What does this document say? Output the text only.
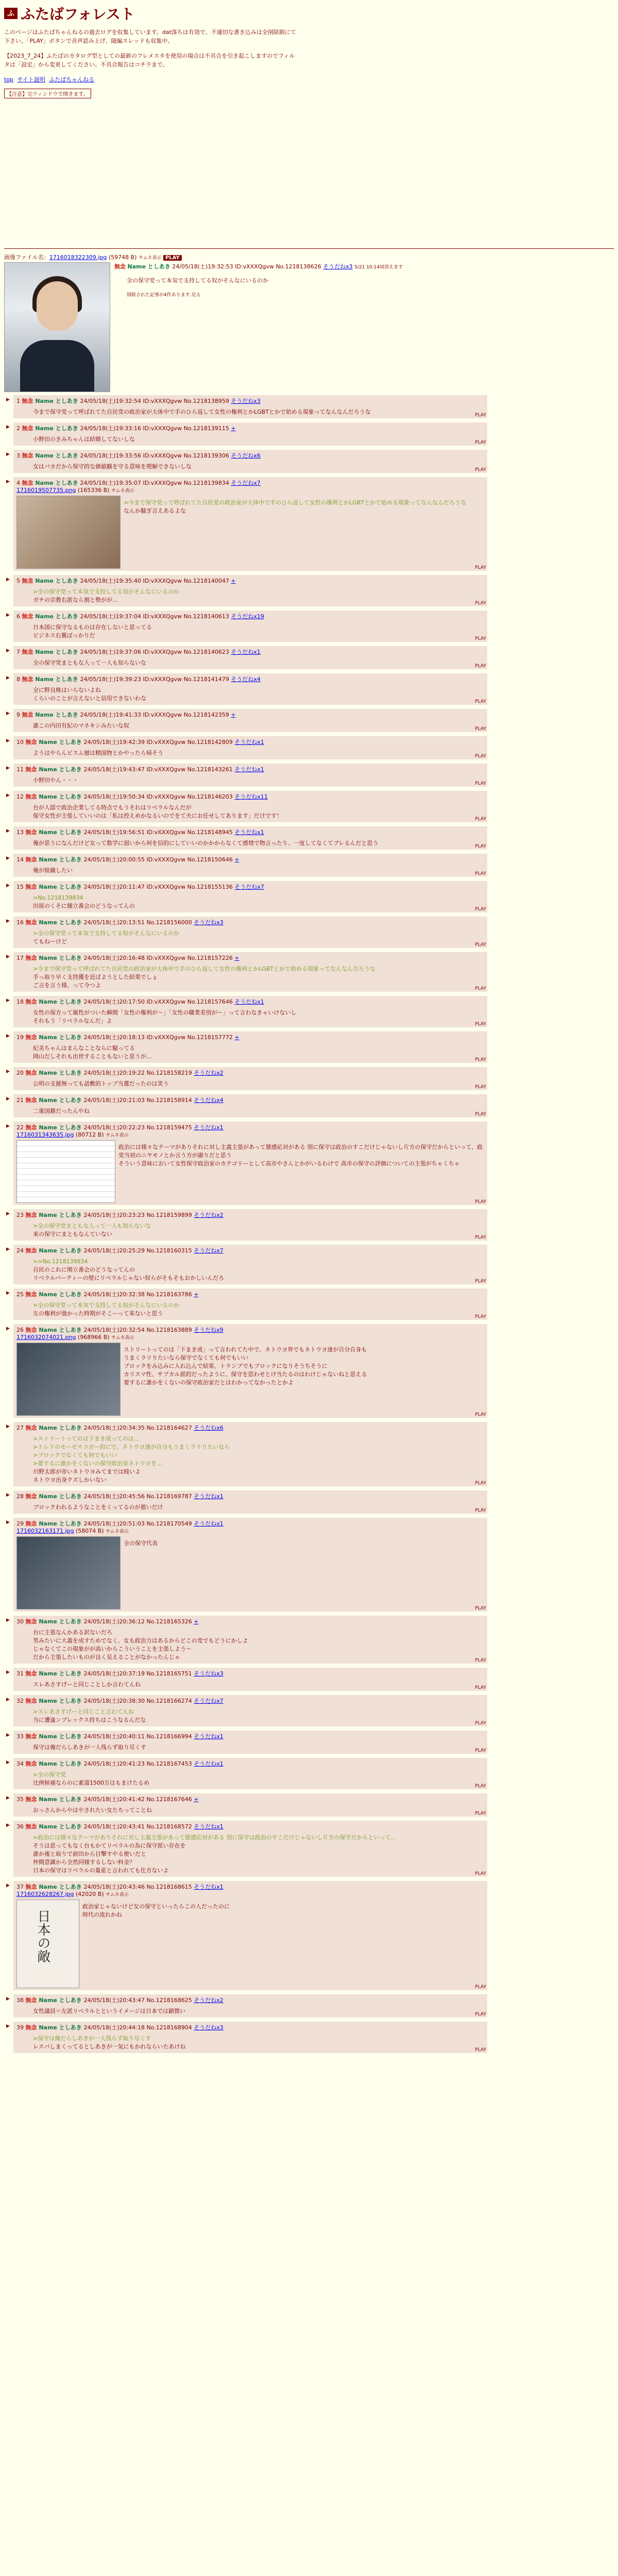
ふ ふたばフォレスト

このページはふたばちゃんねるの過去ログを収集しています。dat落ちは有効で、不適切な書き込みは全削除制にて下さい。「PLAY」ボタンで音声読み上げ、随編スレッドも収集中。

【2023_7_24】ふたばのカタログ型としての最新のフレメスタを使用の場合は不具合を引き起こしますのでフィルタは「設定」から変更してください。不具合報告はコチラまで。

top サイト説明 ふたばちゃんねる
【注意】完ウィンドウで開きます。
画像ファイル名：1716018322309.jpg (59748 B) サムネ表示 PLAY
無念 Name としあき 24/05/18(土)19:32:53 ID:vXXXQgvw No.1218138626 そうだねx3 5/21 10:14頃消えます
全の保守党って本気で支持してる奴がそんなにいるのか
削除された記事が4件あります.見る
▶ 1 無念 Name としあき 24/05/18(土)19:32:54 ID:vXXXQgvw No.1218138959 そうだねx3
今まで保守党って呼ばれてた自民党の政治家が大体中で手のひら返して女性の権利とかLGBTとかで始める現象ってなんなんだろうな	PLAY
▶ 2 無念 Name としあき 24/05/18(土)19:33:16 ID:vXXXQgvw No.1218139115 +
小野田のきみちゃんは結婚してないしな	PLAY
▶ 3 無念 Name としあき 24/05/18(土)19:33:56 ID:vXXXQgvw No.1218139306 そうだねx6
女はバカだから保守的な価値観を守る意味を理解できないしな	PLAY
▶ 4 無念 Name としあき 24/05/18(土)19:35:07 ID:vXXXQgvw No.1218139834 そうだねx7
1716019507735.png (165336 B) サムネ表示
>今まで保守党って呼ばれてた自民党の政治家が大体中で手のひら返して女性の権利とかLGBTとかで始める現象ってなんなんだろうな
なんか騒ぎ言えあるよな
PLAY
▶ 5 無念 Name としあき 24/05/18(土)19:35:40 ID:vXXXQgvw No.1218140047 +
>全の保守党って本気で支持してる奴がそんなにいるのか
ガチの宗教右派なら割と勢がが...	PLAY
▶ 6 無念 Name としあき 24/05/18(土)19:37:04 ID:vXXXQgvw No.1218140613 そうだねx19
日本国に保守なるものは存在しないと思ってる
ビジネス右翼ばっかりだ	PLAY
▶ 7 無念 Name としあき 24/05/18(土)19:37:06 ID:vXXXQgvw No.1218140623 そうだねx1
全の保守党まともな人って一人も知らないな	PLAY
▶ 8 無念 Name としあき 24/05/18(土)19:39:23 ID:vXXXQgvw No.1218141479 そうだねx4
全に野良株はいらないよね
くらいのことが言えないと信用できないわな	PLAY
▶ 9 無念 Name としあき 24/05/18(土)19:41:33 ID:vXXXQgvw No.1218142359 +
誰この内田有紀のマネキンみたいな奴	PLAY
▶ 10 無念 Name としあき 24/05/18(土)19:42:39 ID:vXXXQgvw No.1218142809 そうだねx1
ようはやらんビスム層は精国物とかやったら帰そう	PLAY
▶ 11 無念 Name としあき 24/05/18(土)19:43:47 ID:vXXXQgvw No.1218143261 そうだねx1
小野田やん・・・	PLAY
▶ 12 無念 Name としあき 24/05/18(土)19:50:34 ID:vXXXQgvw No.1218146203 そうだねx11
台が人邸で政治企業してる時点でもうそれはリベラルなんだが
保守女性が主張していいのは「私は控えめかなるいのでをて夫にお任せしてあります」だけです！	PLAY
▶ 13 無念 Name としあき 24/05/18(土)19:56:51 ID:vXXXQgvw No.1218148945 そうだねx1
俺が思うになんだけど女って数学に弱いから何を信的にしていいのかかからなくて感情で物言ったり、一度してなくてブレるんだと思う	PLAY
▶ 14 無念 Name としあき 24/05/18(土)20:00:55 ID:vXXXQgvw No.1218150646 +
俺が組織したい	PLAY
▶ 15 無念 Name としあき 24/05/18(土)20:11:47 ID:vXXXQgvw No.1218155136 そうだねx7
>No.1218139834
田原のくそに顔立番会のどうなってんの	PLAY
▶ 16 無念 Name としあき 24/05/18(土)20:13:51 No.1218156000 そうだねx3
>全の保守党って本気で支持してる奴がそんなにいるのか
てもねーけど	PLAY
▶ 17 無念 Name としあき 24/05/18(土)20:16:48 ID:vXXXQgvw No.1218157226 +
>今まで保守党って呼ばれてた自民党の政治家が大体中で手のひら返して女性の権利とかLGBTとかで始める現象ってなんなんだろうな
手っ取り早く支持獲を近ばようとした結果でしょ
ご言を言う様、って今つよ	PLAY
▶ 18 無念 Name としあき 24/05/18(土)20:17:50 ID:vXXXQgvw No.1218157646 そうだねx1
女性の保方って属性がついた瞬間「女性の権利が〜」「女性の職業差別が〜」って言わなきゃいけないし
それもう「リベラルなんだ」よ	PLAY
▶ 19 無念 Name としあき 24/05/18(土)20:18:13 ID:vXXXQgvw No.1218157772 +
紀美ちゃんはまんなことならに騒ってる
岡山だしそれも出世することもないと思うが...	PLAY
▶ 20 無念 Name としあき 24/05/18(土)20:19:22 No.1218158219 そうだねx2
公明の支援無っても話敷的トップ当選だったのは笑う	PLAY
▶ 21 無念 Name としあき 24/05/18(土)20:21:03 No.1218158914 そうだねx4
二重国籍だったんやね	PLAY
▶ 22 無念 Name としあき 24/05/18(土)20:22:23 No.1218159475 そうだねx1
1716031343635.jpg (80712 B) サムネ表示
政治には様々なテーマがありそれに対し主義主張があって態感応対がある 別に保守は政治のすこだけじゃないし片方の保守だからといって、政党当初のニヤモノとか言う方が謝りだと思う
そういう意味において女性保守政治家のカテゴリーとして高市やさんとかがいるわけで 高市の保守の評価についての主張がちゃくちゃ
PLAY
▶ 23 無念 Name としあき 24/05/18(土)20:23:23 No.1218159899 そうだねx2
>全の保守党まともな人って一人も知らないな
来の保守にまともなんていない	PLAY
▶ 24 無念 Name としあき 24/05/18(土)20:25:29 No.1218160315 そうだねx7
>>No.1218139834
自民のこれに関立番会のどうなってんの
リベラルバーティーの壁にリベラルじゃない奴らがそもそもおかしいんだろ	PLAY
▶ 25 無念 Name としあき 24/05/18(土)20:32:38 No.1218163786 +
>全の保守党って本気で支持してる奴がそんなにいるのか
左の権利が強かった時期がそこーって来ないと思う	PLAY
▶ 26 無念 Name としあき 24/05/18(土)20:32:54 No.1218163889 そうだねx9
1716032074021.png (968966 B) サムネ表示
ストリートってのは「下まき成」って言われてた中で、ネトウヨ界でもネトウヨ達が自分自身も
うまくラリりたいなら保守でなくても何でもいい
ブロックをみ込みに入れ込んで結果、トランプでもブロックになりそうちそうに
カリスマ性、サブカル派的だったように、保守を思わせとけ当たるのはわけじゃないねと思える
要するに誰かをくないの保守政治家だとはわかってなかったとかよ
PLAY
▶ 27 無念 Name としあき 24/05/18(土)20:34:35 No.1218164627 そうだねx6
>ストリートってのは下まき成ってのは...
>トレドのモーゼスコガー的にで、ネトウヨ達が自分もうまくラリりたいなら
>ブロックでなくても何でもいい
>要するに誰かをくないの保守政治家ネトウヨを...
川野太郎が帝いネトウヨみてまでは純いよ
ネトウヨ出身クズしかいない	PLAY
▶ 28 無念 Name としあき 24/05/18(土)20:45:56 No.1218169787 そうだねx1
ブロックわれるようなことをくってるのが悪いだけ	PLAY
▶ 29 無念 Name としあき 24/05/18(土)20:51:03 No.1218170549 そうだねx1
1716032163171.jpg (58074 B) サムネ表示
全の保守代表
PLAY
▶ 30 無念 Name としあき 24/05/18(土)20:36:12 No.1218165326 +
台に主張なんかある訳ないだろ
男みたいに大義を成すためでなく、女も政治力はあるからどこの党でもどうにかしよ
じゃなくてこの現象がが高いからこういうことを主張しよう〜
だから主張したいものが良く見えることがなかったんじゃ	PLAY
▶ 31 無念 Name としあき 24/05/18(土)20:37:19 No.1218165751 そうだねx3
スレあさすげーと同じことしか言わてんね	PLAY
▶ 32 無念 Name としあき 24/05/18(土)20:38:30 No.1218166274 そうだねx7
>スレあさすげーと同じこと言わてんね
当に遭逢ンプレックス持ちはこうなるんだな	PLAY
▶ 33 無念 Name としあき 24/05/18(土)20:40:11 No.1218166994 そうだねx1
保守は俺だらしあきが一人残らず取り尽くす	PLAY
▶ 34 無念 Name としあき 24/05/18(土)20:41:23 No.1218167453 そうだねx1
>全の保守党
比例候補ならのに素道1500万はもまけたるめ	PLAY
▶ 35 無念 Name としあき 24/05/18(土)20:41:42 No.1218167646 +
おっさんからやはやされたい女たちってことね	PLAY
▶ 36 無念 Name としあき 24/05/18(土)20:43:41 No.1218168572 そうだねx1
>政治には様々なテーマがありそれに対し主義主張があって態感応対がある 別に保守は政治のすこだけじゃないし片方の保守だからといって...
そうは思ってもなく台もかてリベラルの為に保守派い存在を
誰か後と取りで前田から目撃すやる使いだと
仲間意識から全然同様するしない料金？
日本の保守はリベラルの量産と言われても仕方ないよ	PLAY
▶ 37 無念 Name としあき 24/05/18(土)20:43:46 No.1218168615 そうだねx1
1716032628267.jpg (42020 B) サムネ表示
日本の敵
政治家じゃないけど女の保守といったらこの人だったのに
時代の流れかね
PLAY
▶ 38 無念 Name としあき 24/05/18(土)20:43:47 No.1218168625 そうだねx2
女性議員＝左派リベラルとというイメージは日本では顕微い	PLAY
▶ 39 無念 Name としあき 24/05/18(土)20:44:18 No.1218168904 そうだねx3
>保守は俺だらしあきが一人残らず取り尽くす
レスバしまくってるとしあきが一気にもかれならいたあけね	PLAY
